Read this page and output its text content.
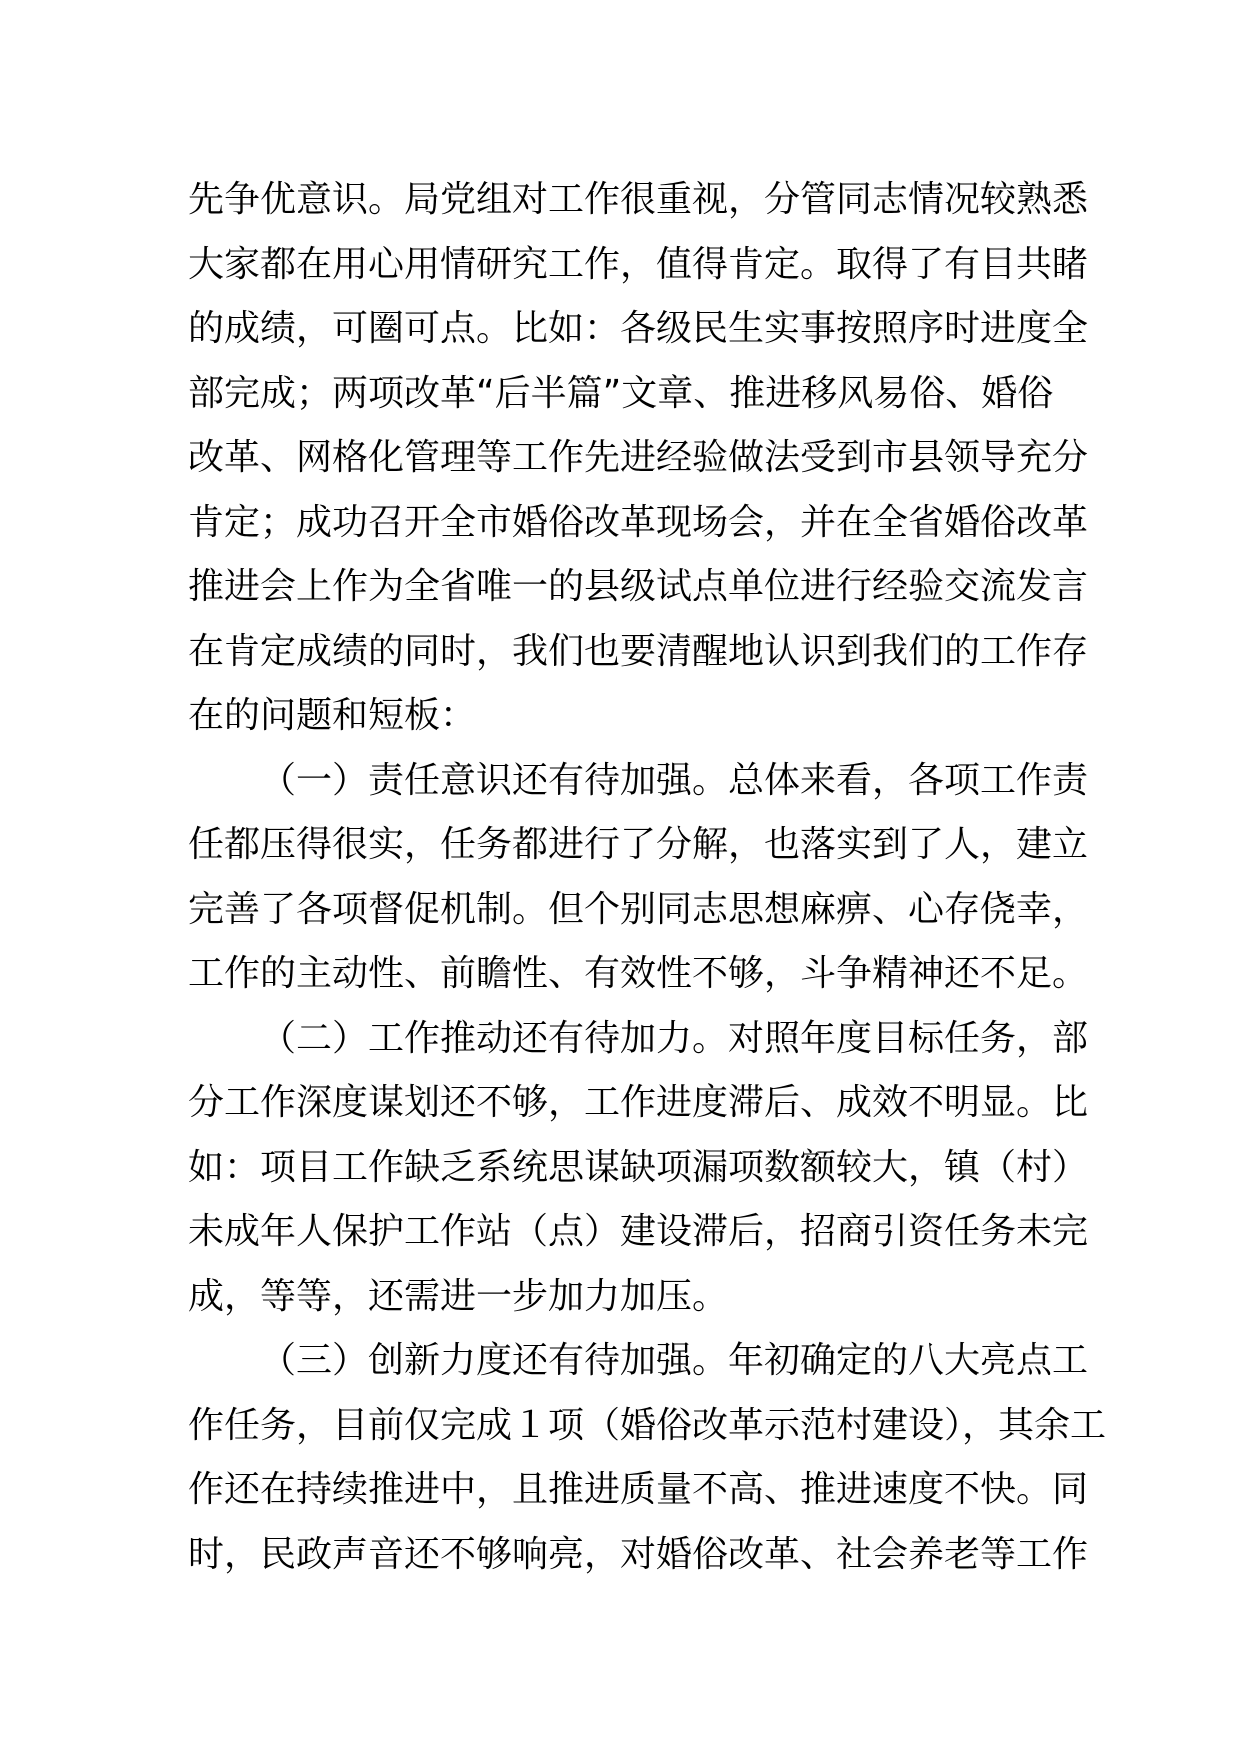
先争优意识。局党组对工作很重视，分管同志情况较熟悉
大家都在用心用情研究工作，值得肯定。取得了有目共睹
的成绩，可圈可点。比如：各级民生实事按照序时进度全
部完成；两项改革“后半篇”文章、推进移风易俗、婚俗
改革、网格化管理等工作先进经验做法受到市县领导充分
肯定；成功召开全市婚俗改革现场会，并在全省婚俗改革
推进会上作为全省唯一的县级试点单位进行经验交流发言
在肯定成绩的同时，我们也要清醒地认识到我们的工作存
在的问题和短板：
（一）责任意识还有待加强。总体来看，各项工作责
任都压得很实，任务都进行了分解，也落实到了人，建立
完善了各项督促机制。但个别同志思想麻痹、心存侥幸，
工作的主动性、前瞻性、有效性不够，斗争精神还不足。
（二）工作推动还有待加力。对照年度目标任务，部
分工作深度谋划还不够，工作进度滞后、成效不明显。比
如：项目工作缺乏系统思谋缺项漏项数额较大，镇（村）
未成年人保护工作站（点）建设滞后，招商引资任务未完
成，等等，还需进一步加力加压。
（三）创新力度还有待加强。年初确定的八大亮点工
作任务，目前仅完成１项（婚俗改革示范村建设），其余工
作还在持续推进中，且推进质量不高、推进速度不快。同
时，民政声音还不够响亮，对婚俗改革、社会养老等工作
